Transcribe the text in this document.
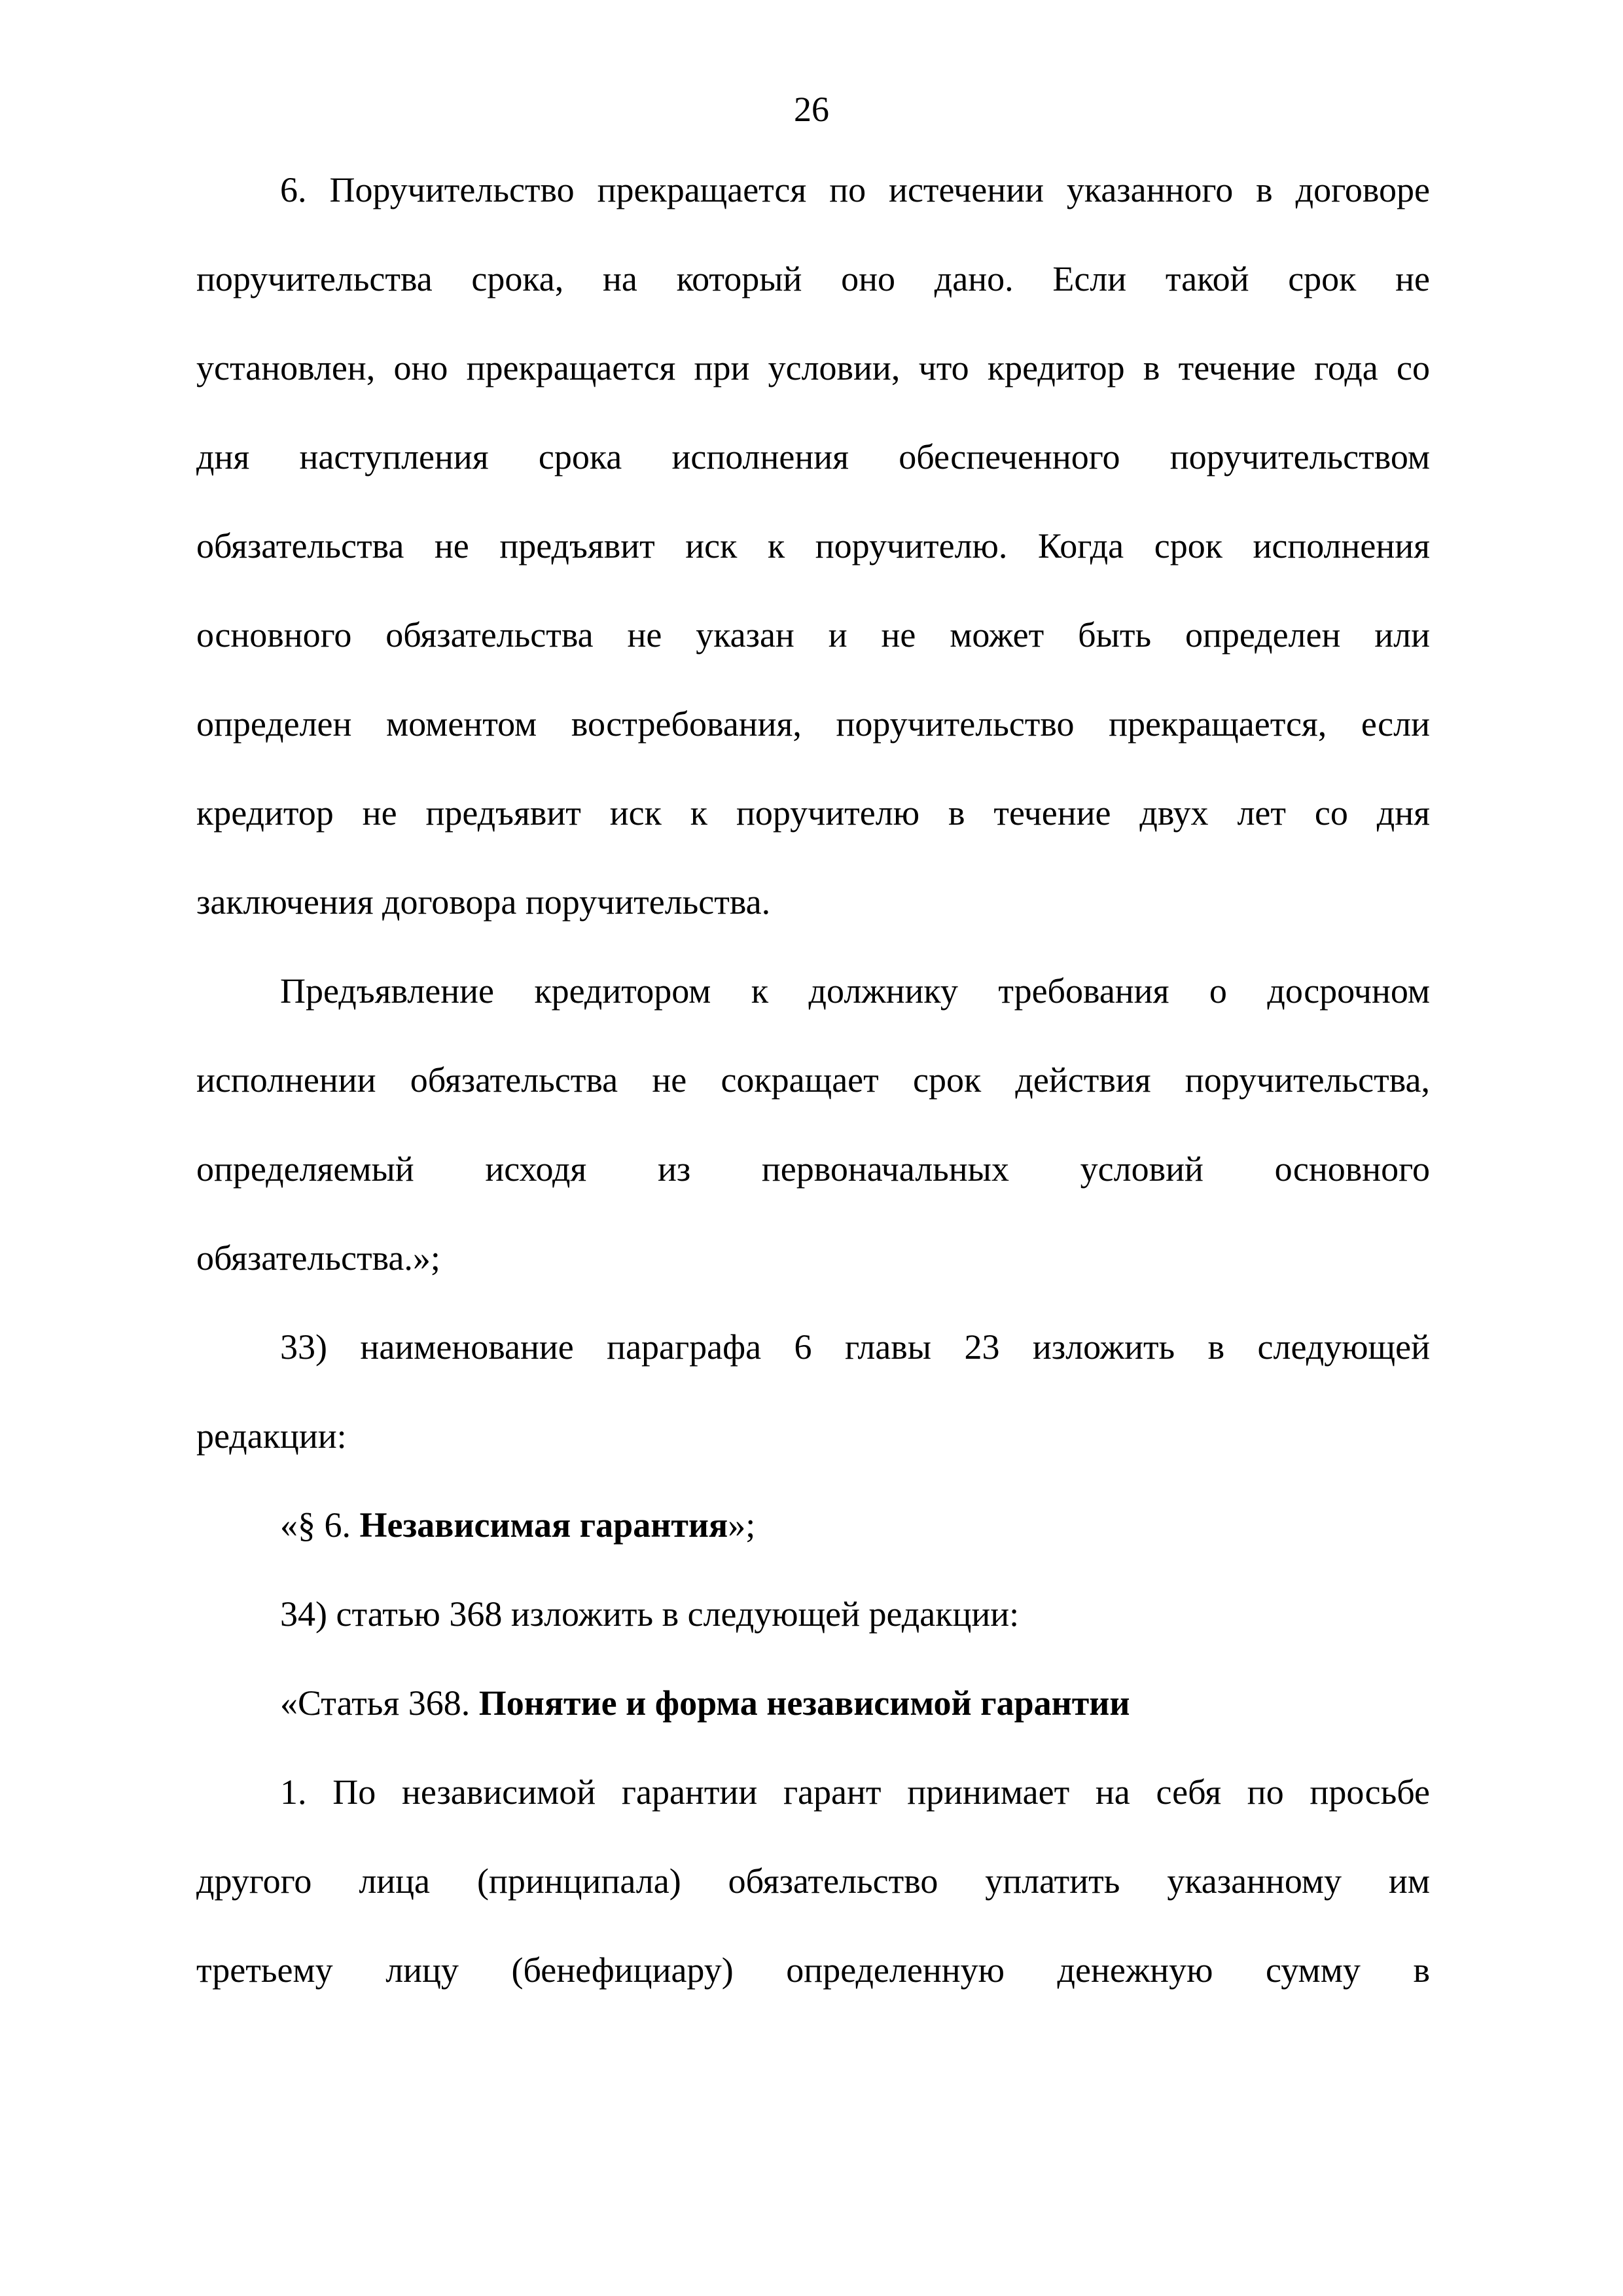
26
6. Поручительство прекращается по истечении указанного в договоре
поручительства срока, на который оно дано. Если такой срок не
установлен, оно прекращается при условии, что кредитор в течение года со
дня наступления срока исполнения обеспеченного поручительством
обязательства не предъявит иск к поручителю. Когда срок исполнения
основного обязательства не указан и не может быть определен или
определен моментом востребования, поручительство прекращается, если
кредитор не предъявит иск к поручителю в течение двух лет со дня
заключения договора поручительства.
Предъявление кредитором к должнику требования о досрочном
исполнении обязательства не сокращает срок действия поручительства,
определяемый исходя из первоначальных условий основного
обязательства.»;
33) наименование параграфа 6 главы 23 изложить в следующей
редакции:
«§ 6. Независимая гарантия»;
34) статью 368 изложить в следующей редакции:
«Статья 368. Понятие и форма независимой гарантии
1. По независимой гарантии гарант принимает на себя по просьбе
другого лица (принципала) обязательство уплатить указанному им
третьему лицу (бенефициару) определенную денежную сумму в
